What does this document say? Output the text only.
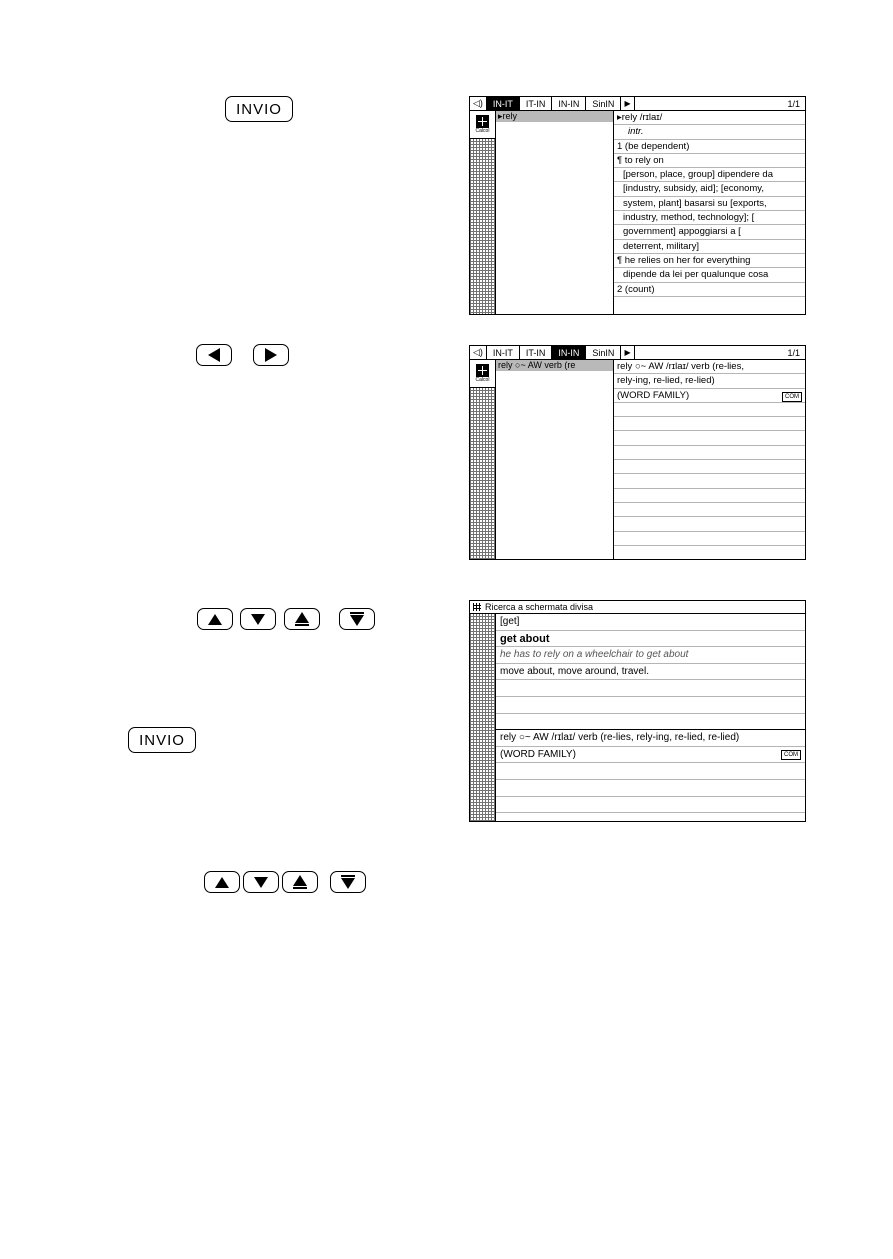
INVIO
INVIO
◁)	IN-IT	IT-IN	IN-IN	SinIN	▶	1/1
Calcol
▸rely	▸rely /rɪlaɪ/
intr.
1 (be dependent)
¶ to rely on
[person, place, group] dipendere da
[industry, subsidy, aid]; [economy,
system, plant] basarsi su [exports,
industry, method, technology]; [
government] appoggiarsi a [
deterrent, military]
¶ he relies on her for everything
dipende da lei per qualunque cosa
2 (count)
◁)	IN-IT	IT-IN	IN-IN	SinIN	▶	1/1
Calcol
rely ○~ AW verb (re	rely ○~ AW /rɪlaɪ/ verb (re-lies,
rely-ing, re-lied, re-lied)
COM
(WORD FAMILY)
Ricerca a schermata divisa
[get]
get about
he has to rely on a wheelchair to get about
move about, move around, travel.
rely ○~ AW /rɪlaɪ/ verb (re-lies, rely-ing, re-lied, re-lied)
COM
(WORD FAMILY)
